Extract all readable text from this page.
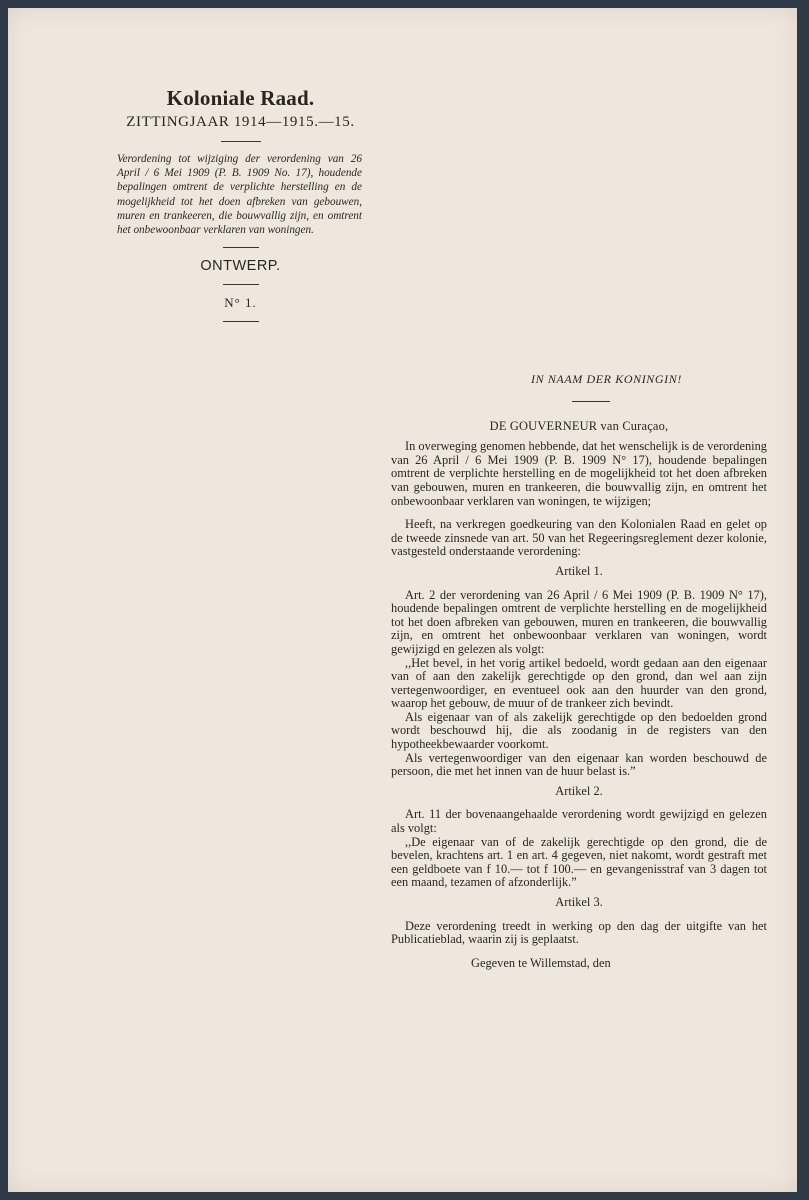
Koloniale Raad.
ZITTINGJAAR 1914—1915.—15.
Verordening tot wijziging der verordening van 26 April / 6 Mei 1909 (P. B. 1909 No. 17), houdende bepalingen omtrent de verplichte herstelling en de mogelijkheid tot het doen afbreken van gebouwen, muren en trankeeren, die bouwvallig zijn, en omtrent het onbewoonbaar verklaren van woningen.
ONTWERP.
N° 1.
IN NAAM DER KONINGIN!
DE GOUVERNEUR van Curaçao,

In overweging genomen hebbende, dat het wenschelijk is de verordening van 26 April / 6 Mei 1909 (P. B. 1909 N° 17), houdende bepalingen omtrent de verplichte herstelling en de mogelijkheid tot het doen afbreken van gebouwen, muren en trankeeren, die bouwvallig zijn, en omtrent het onbewoonbaar verklaren van woningen, te wijzigen;

Heeft, na verkregen goedkeuring van den Kolonialen Raad en gelet op de tweede zinsnede van art. 50 van het Regeeringsreglement dezer kolonie, vastgesteld onderstaande verordening:

Artikel 1.

Art. 2 der verordening van 26 April / 6 Mei 1909 (P. B. 1909 N° 17), houdende bepalingen omtrent de verplichte herstelling en de mogelijkheid tot het doen afbreken van gebouwen, muren en trankeeren, die bouwvallig zijn, en omtrent het onbewoonbaar verklaren van woningen, wordt gewijzigd en gelezen als volgt:

,,Het bevel, in het vorig artikel bedoeld, wordt gedaan aan den eigenaar van of aan den zakelijk gerechtigde op den grond, dan wel aan zijn vertegenwoordiger, en eventueel ook aan den huurder van den grond, waarop het gebouw, de muur of de trankeer zich bevindt.

Als eigenaar van of als zakelijk gerechtigde op den bedoelden grond wordt beschouwd hij, die als zoodanig in de registers van den hypotheekbewaarder voorkomt.

Als vertegenwoordiger van den eigenaar kan worden beschouwd de persoon, die met het innen van de huur belast is.”

Artikel 2.

Art. 11 der bovenaangehaalde verordening wordt gewijzigd en gelezen als volgt:

,,De eigenaar van of de zakelijk gerechtigde op den grond, die de bevelen, krachtens art. 1 en art. 4 gegeven, niet nakomt, wordt gestraft met een geldboete van f 10.— tot f 100.— en gevangenisstraf van 3 dagen tot een maand, tezamen of afzonderlijk.”

Artikel 3.

Deze verordening treedt in werking op den dag der uitgifte van het Publicatieblad, waarin zij is geplaatst.

Gegeven te Willemstad, den
